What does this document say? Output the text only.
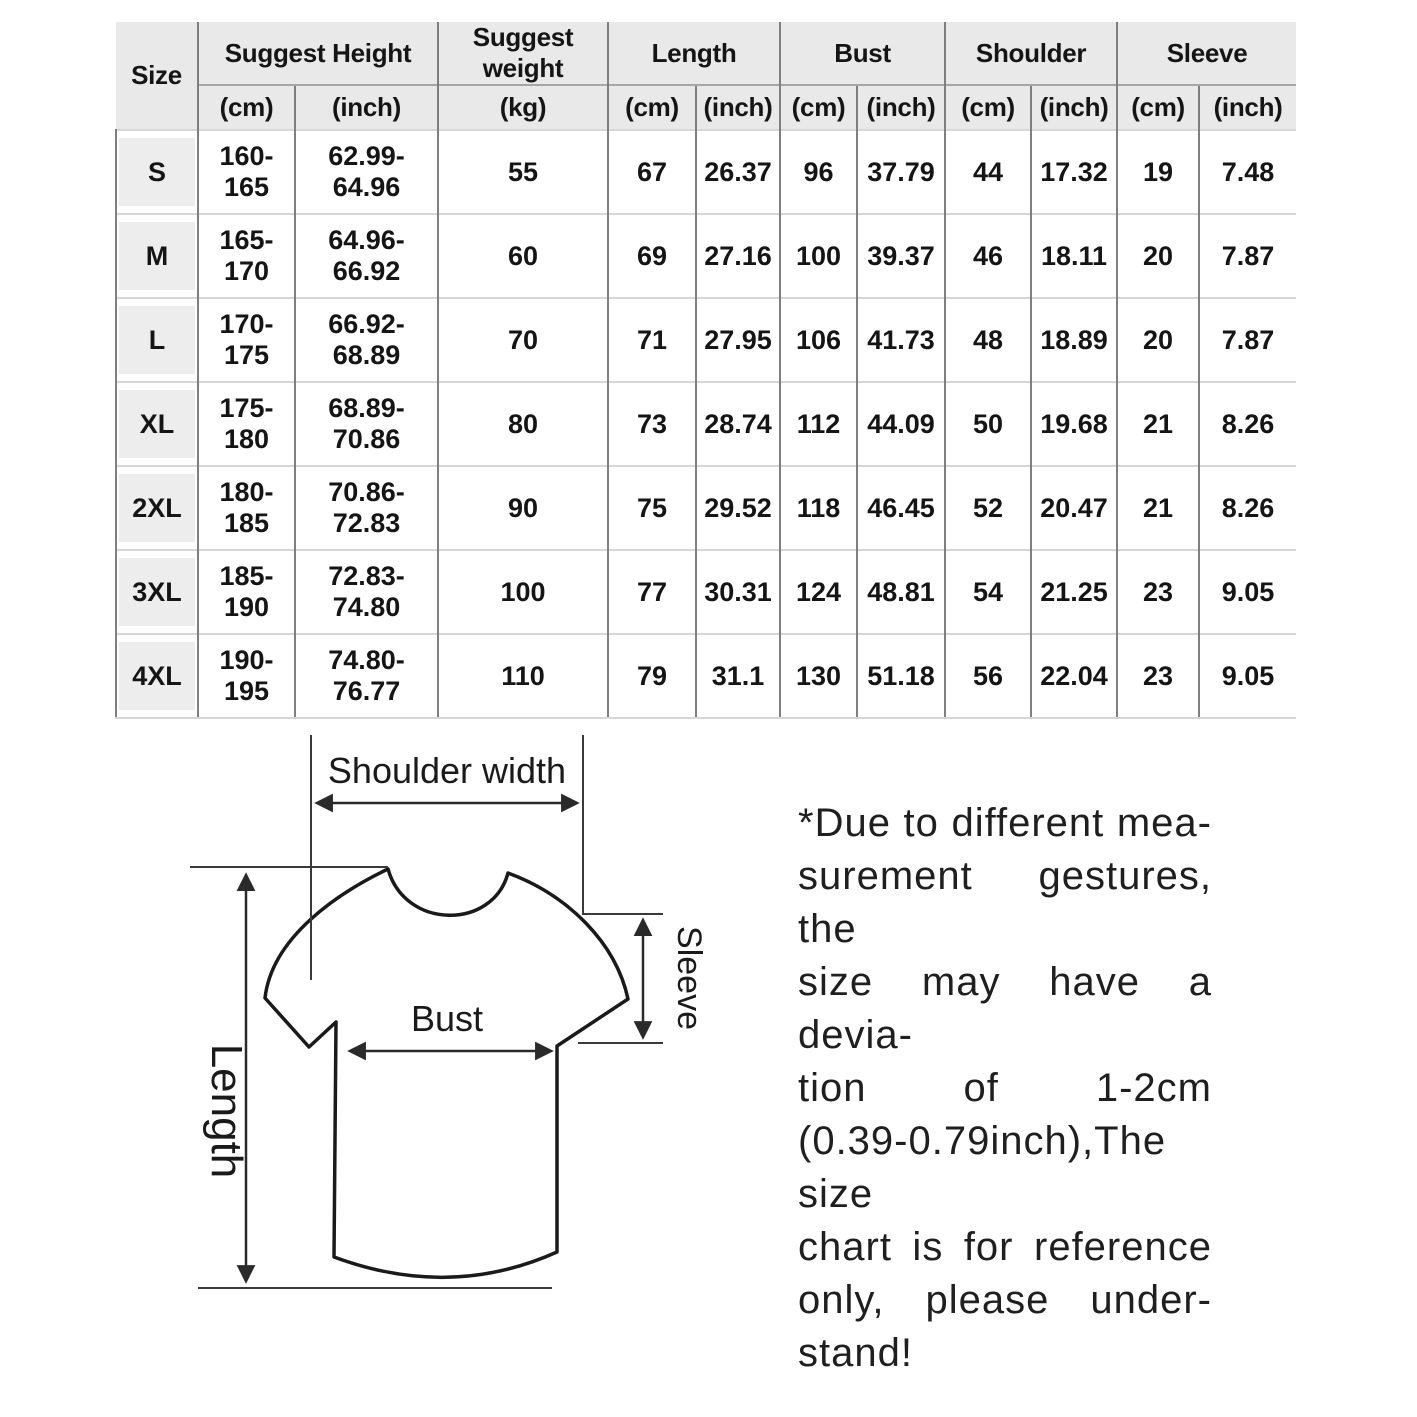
Size	Suggest Height		Suggest weight	Length		Bust		Shoulder		Sleeve	
	(cm)	(inch)	(kg)	(cm)	(inch)	(cm)	(inch)	(cm)	(inch)	(cm)	(inch)

S	160-165	62.99-64.96	55	67	26.37	96	37.79	44	17.32	19	7.48

M	165-170	64.96-66.92	60	69	27.16	100	39.37	46	18.11	20	7.87

L	170-175	66.92-68.89	70	71	27.95	106	41.73	48	18.89	20	7.87

XL	175-180	68.89-70.86	80	73	28.74	112	44.09	50	19.68	21	8.26

2XL	180-185	70.86-72.83	90	75	29.52	118	46.45	52	20.47	21	8.26

3XL	185-190	72.83-74.80	100	77	30.31	124	48.81	54	21.25	23	9.05

4XL	190-195	74.80-76.77	110	79	31.1	130	51.18	56	22.04	23	9.05
Shoulder width
Length
Bust	Sleeve
*Due to different mea-
surement gestures, the
size may have a devia-
tion of 1-2cm
(0.39-0.79inch),The size
chart is for reference
only, please under-
stand!
